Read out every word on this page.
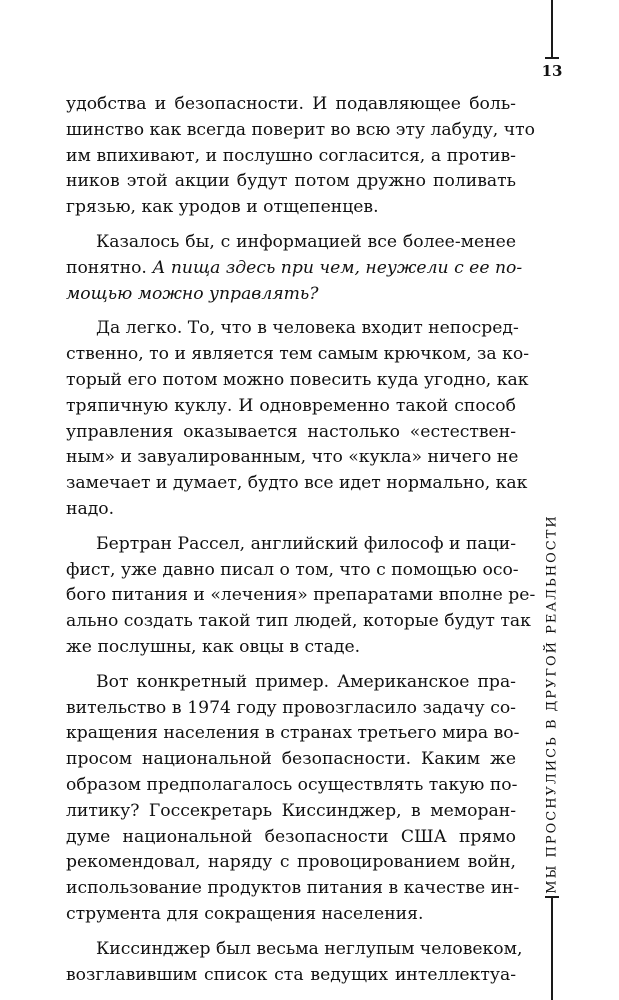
13
МЫ ПРОСНУЛИСЬ В ДРУГОЙ РЕАЛЬНОСТИ
удобства и безопасности. И подавляющее боль-
шинство как всегда поверит во всю эту лабуду, что
им впихивают, и послушно согласится, а против-
ников этой акции будут потом дружно поливать
грязью, как уродов и отщепенцев.
Казалось бы, с информацией все более-менее
понятно. А пища здесь при чем, неужели с ее по-
мощью можно управлять?
Да легко. То, что в человека входит непосред-
ственно, то и является тем самым крючком, за ко-
торый его потом можно повесить куда угодно, как
тряпичную куклу. И одновременно такой способ
управления оказывается настолько «естествен-
ным» и завуалированным, что «кукла» ничего не
замечает и думает, будто все идет нормально, как
надо.
Бертран Рассел, английский философ и паци-
фист, уже давно писал о том, что с помощью осо-
бого питания и «лечения» препаратами вполне ре-
ально создать такой тип людей, которые будут так
же послушны, как овцы в стаде.
Вот конкретный пример. Американское пра-
вительство в 1974 году провозгласило задачу со-
кращения населения в странах третьего мира во-
просом национальной безопасности. Каким же
образом предполагалось осуществлять такую по-
литику? Госсекретарь Киссинджер, в меморан-
думе национальной безопасности США прямо
рекомендовал, наряду с провоцированием войн,
использование продуктов питания в качестве ин-
струмента для сокращения населения.
Киссинджер был весьма неглупым человеком,
возглавившим список ста ведущих интеллектуа-
